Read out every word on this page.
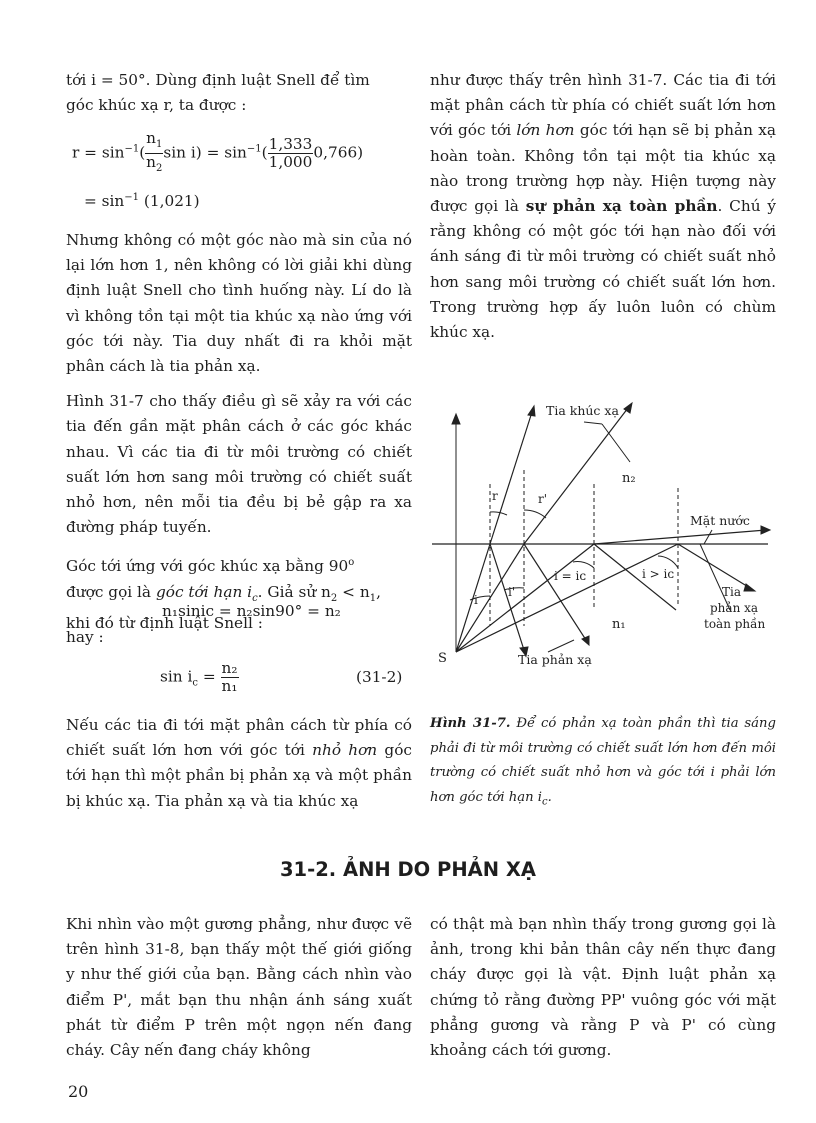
tới i = 50°. Dùng định luật Snell để tìm

góc khúc xạ r, ta được :

$r = \sin^{-1}( \frac{n_1}{n_2}$ $\sin i) = \sin^{-1}( \frac{1,333}{1,000} 0,766)$
= $\sin^{-1} (1,021)$

Nhưng không có một góc nào mà sin của nó lại lớn hơn 1, nên không có lời giải khi dùng định luật Snell cho tình huống này. Lí do là vì không tồn tại một tia khúc xạ nào ứng với góc tới này. Tia duy nhất đi ra khỏi mặt phân cách là tia phản xạ.

Hình 31-7 cho thấy điều gì sẽ xảy ra với các tia đến gần mặt phân cách ở các góc khác nhau. Vì các tia đi từ môi trường có chiết suất lớn hơn sang môi trường có chiết suất nhỏ hơn, nên mỗi tia đều bị bẻ gập ra xa đường pháp tuyến.

Góc tới ứng với góc khúc xạ bằng 90$^o$
được gọi là góc tới hạn $i_c$. Giả sử $n_2 < n_1$,
khi đó từ định luật Snell :

n₁sinic = n₂sin90° = n₂
hay :
$\sin i_c = \frac{\text{n₂}}{\text{n₁}}$	(31-2)

Nếu các tia đi tới mặt phân cách từ phía có chiết suất lớn hơn với góc tới nhỏ hơn góc tới hạn thì một phần bị phản xạ và một phần bị khúc xạ. Tia phản xạ và tia khúc xạ

như được thấy trên hình 31-7. Các tia đi tới mặt phân cách từ phía có chiết suất lớn hơn với góc tới lớn hơn góc tới hạn sẽ bị phản xạ hoàn toàn. Không tồn tại một tia khúc xạ nào trong trường hợp này. Hiện tượng này được gọi là sự phản xạ toàn phần. Chú ý rằng không có một góc tới hạn nào đối với ánh sáng đi từ môi trường có chiết suất nhỏ hơn sang môi trường có chiết suất lớn hơn. Trong trường hợp ấy luôn luôn có chùm khúc xạ.

Tia khúc xạ
n₂
r	r'
Mặt nước
i
i'
i = iᴄ	i > iᴄ
Tia
phản xạ
toàn phần
n₁
S	Tia phản xạ
Hình 31-7. Để có phản xạ toàn phần thì tia sáng phải đi từ môi trường có chiết suất lớn hơn đến môi trường có chiết suất nhỏ hơn và góc tới i phải lớn hơn góc tới hạn $i_c$.
31-2. ẢNH DO PHẢN XẠ

Khi nhìn vào một gương phẳng, như được vẽ trên hình 31-8, bạn thấy một thế giới giống y như thế giới của bạn. Bằng cách nhìn vào điểm P', mắt bạn thu nhận ánh sáng xuất phát từ điểm P trên một ngọn nến đang cháy. Cây nến đang cháy không

có thật mà bạn nhìn thấy trong gương gọi là ảnh, trong khi bản thân cây nến thực đang cháy được gọi là vật. Định luật phản xạ chứng tỏ rằng đường PP' vuông góc với mặt phẳng gương và rằng P và P' có cùng khoảng cách tới gương.

20
